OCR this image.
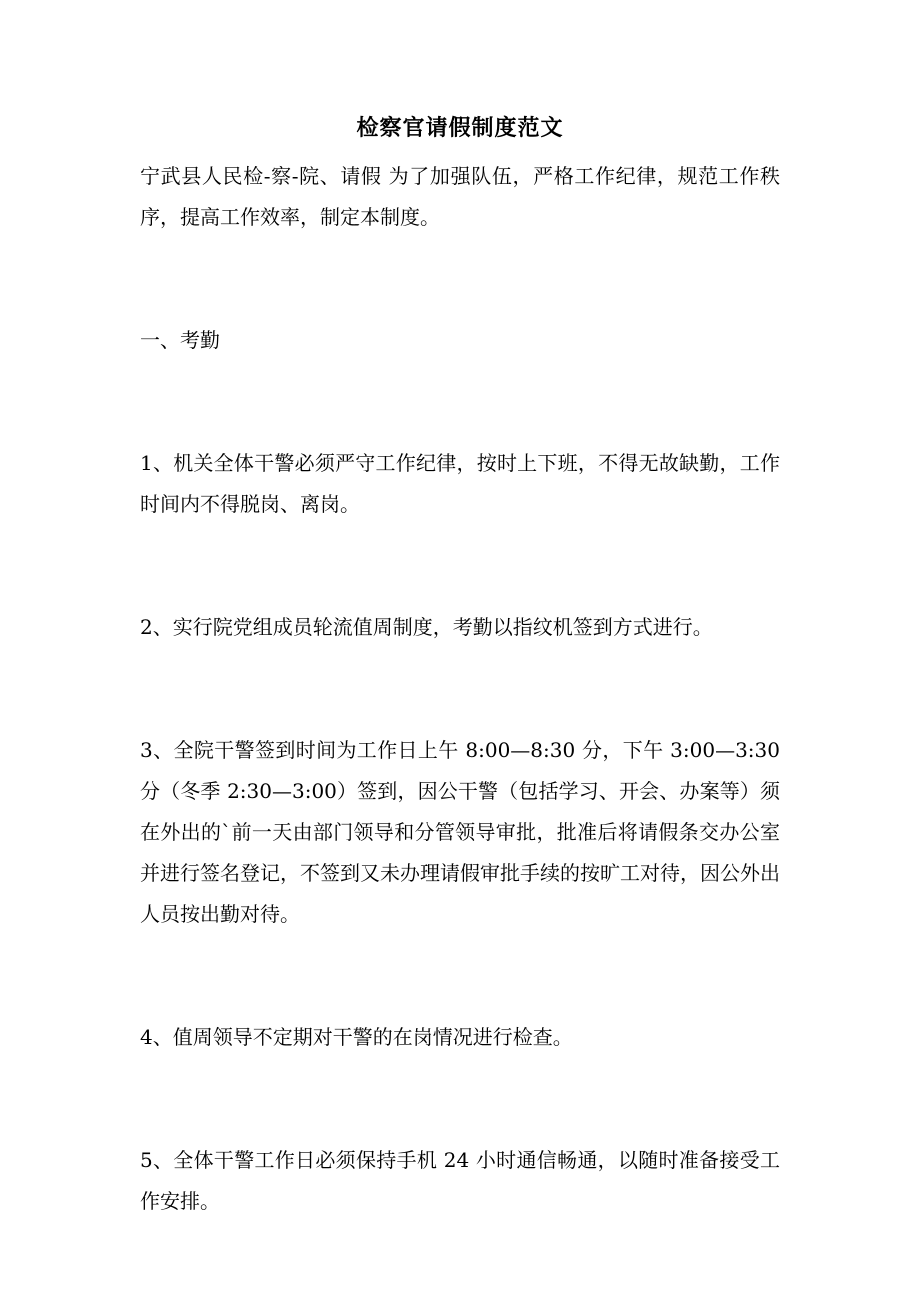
检察官请假制度范文

宁武县人民检-察-院、请假 为了加强队伍，严格工作纪律，规范工作秩序，提高工作效率，制定本制度。

一、考勤

1、机关全体干警必须严守工作纪律，按时上下班，不得无故缺勤，工作时间内不得脱岗、离岗。

2、实行院党组成员轮流值周制度，考勤以指纹机签到方式进行。

3、全院干警签到时间为工作日上午 8:00—8:30 分，下午 3:00—3:30 分（冬季 2:30—3:00）签到，因公干警（包括学习、开会、办案等）须在外出的`前一天由部门领导和分管领导审批，批准后将请假条交办公室并进行签名登记，不签到又未办理请假审批手续的按旷工对待，因公外出人员按出勤对待。

4、值周领导不定期对干警的在岗情况进行检查。

5、全体干警工作日必须保持手机 24 小时通信畅通，以随时准备接受工作安排。
